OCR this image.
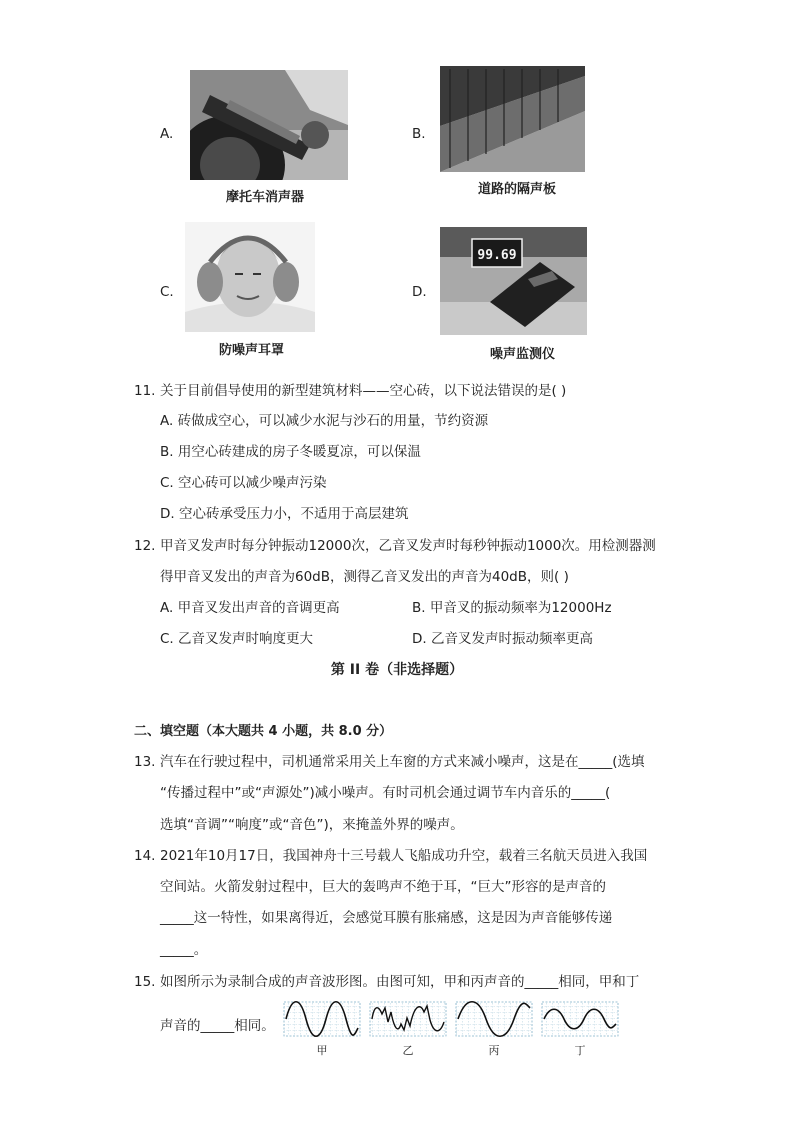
A.
摩托车消声器
B.
道路的隔声板
C.
防噪声耳罩
D.
99.69
噪声监测仪
11. 关于目前倡导使用的新型建筑材料——空心砖，以下说法错误的是( )
A. 砖做成空心，可以减少水泥与沙石的用量，节约资源
B. 用空心砖建成的房子冬暖夏凉，可以保温
C. 空心砖可以减少噪声污染
D. 空心砖承受压力小，不适用于高层建筑
12. 甲音叉发声时每分钟振动12000次，乙音叉发声时每秒钟振动1000次。用检测器测
得甲音叉发出的声音为60dB，测得乙音叉发出的声音为40dB，则( )
A. 甲音叉发出声音的音调更高	B. 甲音叉的振动频率为12000Hz
C. 乙音叉发声时响度更大	D. 乙音叉发声时振动频率更高
第 II 卷（非选择题）
二、填空题（本大题共 4 小题，共 8.0 分）
13. 汽车在行驶过程中，司机通常采用关上车窗的方式来减小噪声，这是在_____(选填
“传播过程中”或“声源处”)减小噪声。有时司机会通过调节车内音乐的_____(
选填“音调”“响度”或“音色”)，来掩盖外界的噪声。
14. 2021年10月17日，我国神舟十三号载人飞船成功升空，载着三名航天员进入我国
空间站。火箭发射过程中，巨大的轰鸣声不绝于耳，“巨大”形容的是声音的
_____这一特性，如果离得近，会感觉耳膜有胀痛感，这是因为声音能够传递
_____。
15. 如图所示为录制合成的声音波形图。由图可知，甲和丙声音的_____相同，甲和丁
声音的_____相同。
甲	乙	丙	丁
